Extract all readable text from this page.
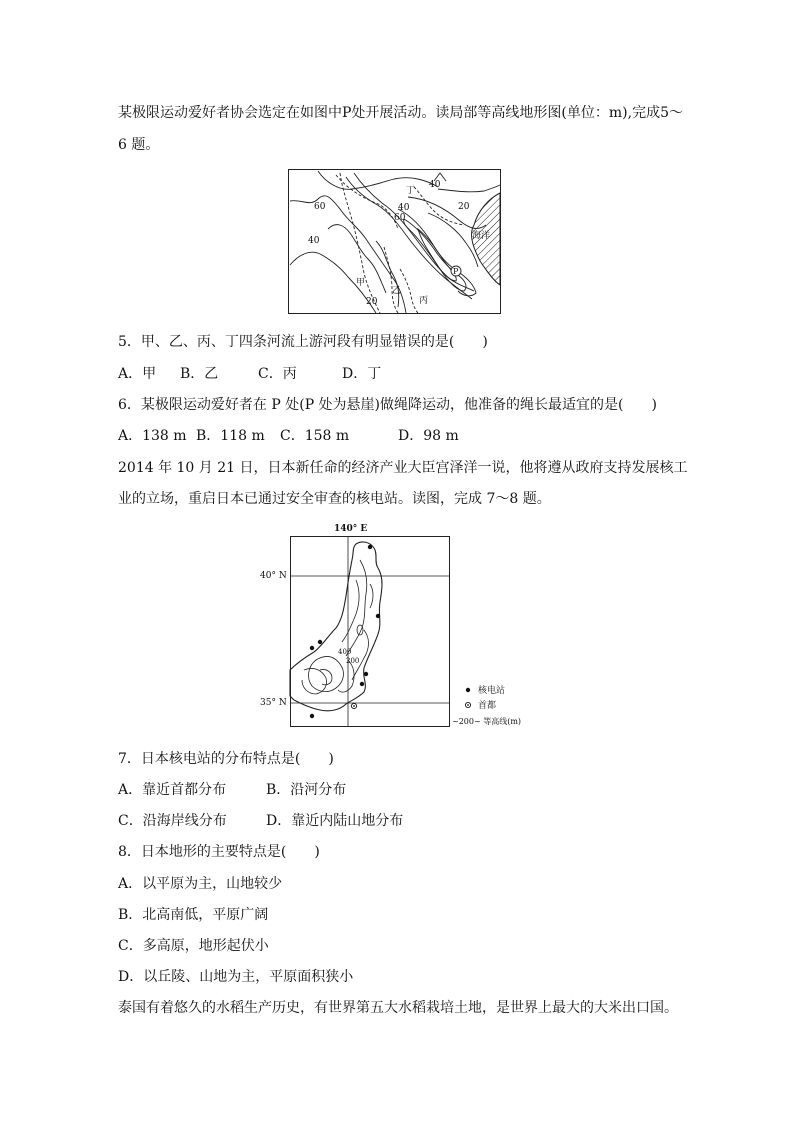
某极限运动爱好者协会选定在如图中P处开展活动。读局部等高线地形图(单位：m),完成5～
6 题。
40
60	40
60
20
40	海洋
P
20
甲
乙
丙
丁
5．甲、乙、丙、丁四条河流上游河段有明显错误的是(　　)
A．甲 B．乙	C．丙	D．丁
6．某极限运动爱好者在 P 处(P 处为悬崖)做绳降运动，他准备的绳长最适宜的是(　　)
A．138 m B．118 m C．158 m	D．98 m
2014 年 10 月 21 日，日本新任命的经济产业大臣宫泽洋一说，他将遵从政府支持发展核工
业的立场，重启日本已通过安全审查的核电站。读图，完成 7～8 题。
140° E
40° N
35° N
400
200
核电站
首都
~200~ 等高线(m)
7．日本核电站的分布特点是(　　)
A．靠近首都分布	B．沿河分布
C．沿海岸线分布	D．靠近内陆山地分布
8．日本地形的主要特点是(　　)
A．以平原为主，山地较少
B．北高南低，平原广阔
C．多高原，地形起伏小
D．以丘陵、山地为主，平原面积狭小
泰国有着悠久的水稻生产历史，有世界第五大水稻栽培土地，是世界上最大的大米出口国。
